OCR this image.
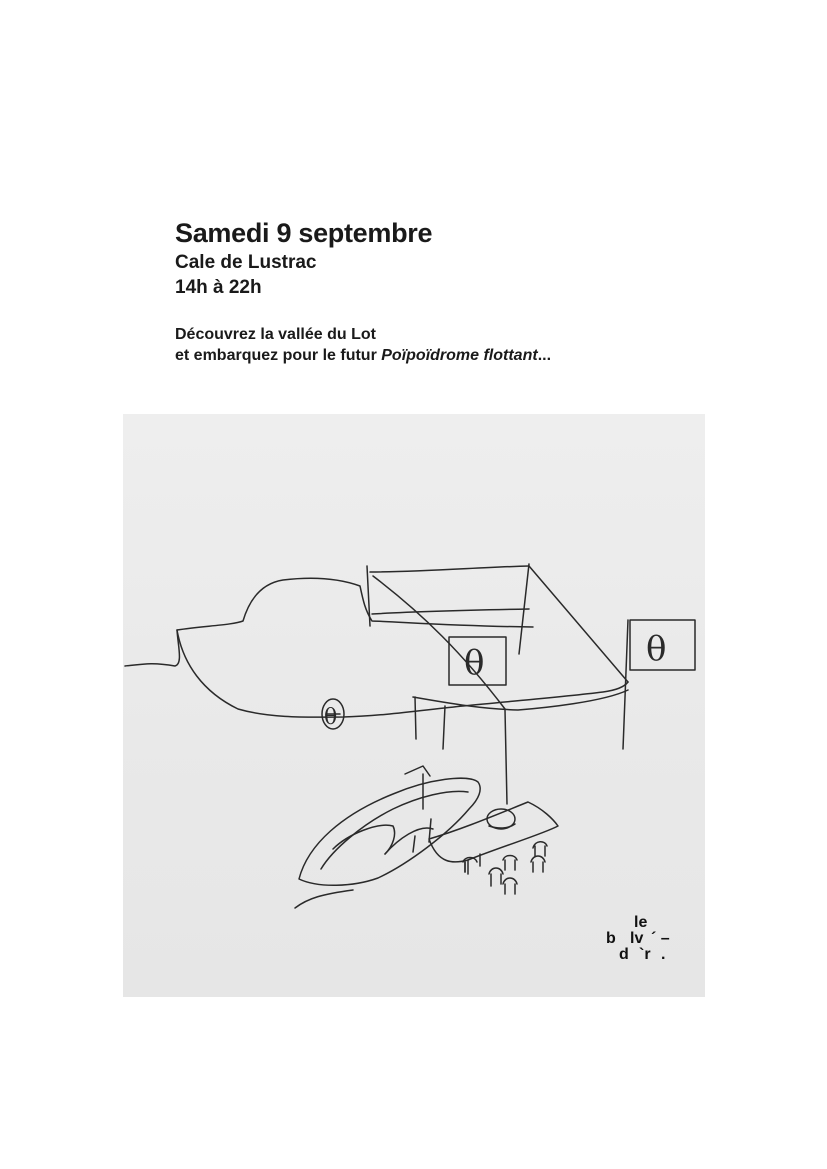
Samedi 9 septembre
Cale de Lustrac
14h à 22h
Découvrez la vallée du Lot
et embarquez pour le futur Poïpoïdrome flottant...
θ	θ
θ
le
b lv ´ –
d `r .
